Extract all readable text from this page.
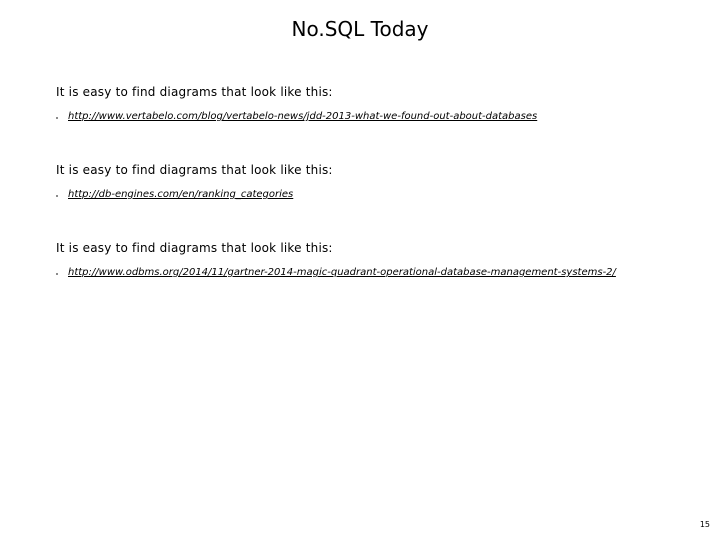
No.SQL Today
It is easy to find diagrams that look like this:
http://www.vertabelo.com/blog/vertabelo-news/jdd-2013-what-we-found-out-about-databases
It is easy to find diagrams that look like this:
http://db-engines.com/en/ranking_categories
It is easy to find diagrams that look like this:
http://www.odbms.org/2014/11/gartner-2014-magic-quadrant-operational-database-management-systems-2/
15
